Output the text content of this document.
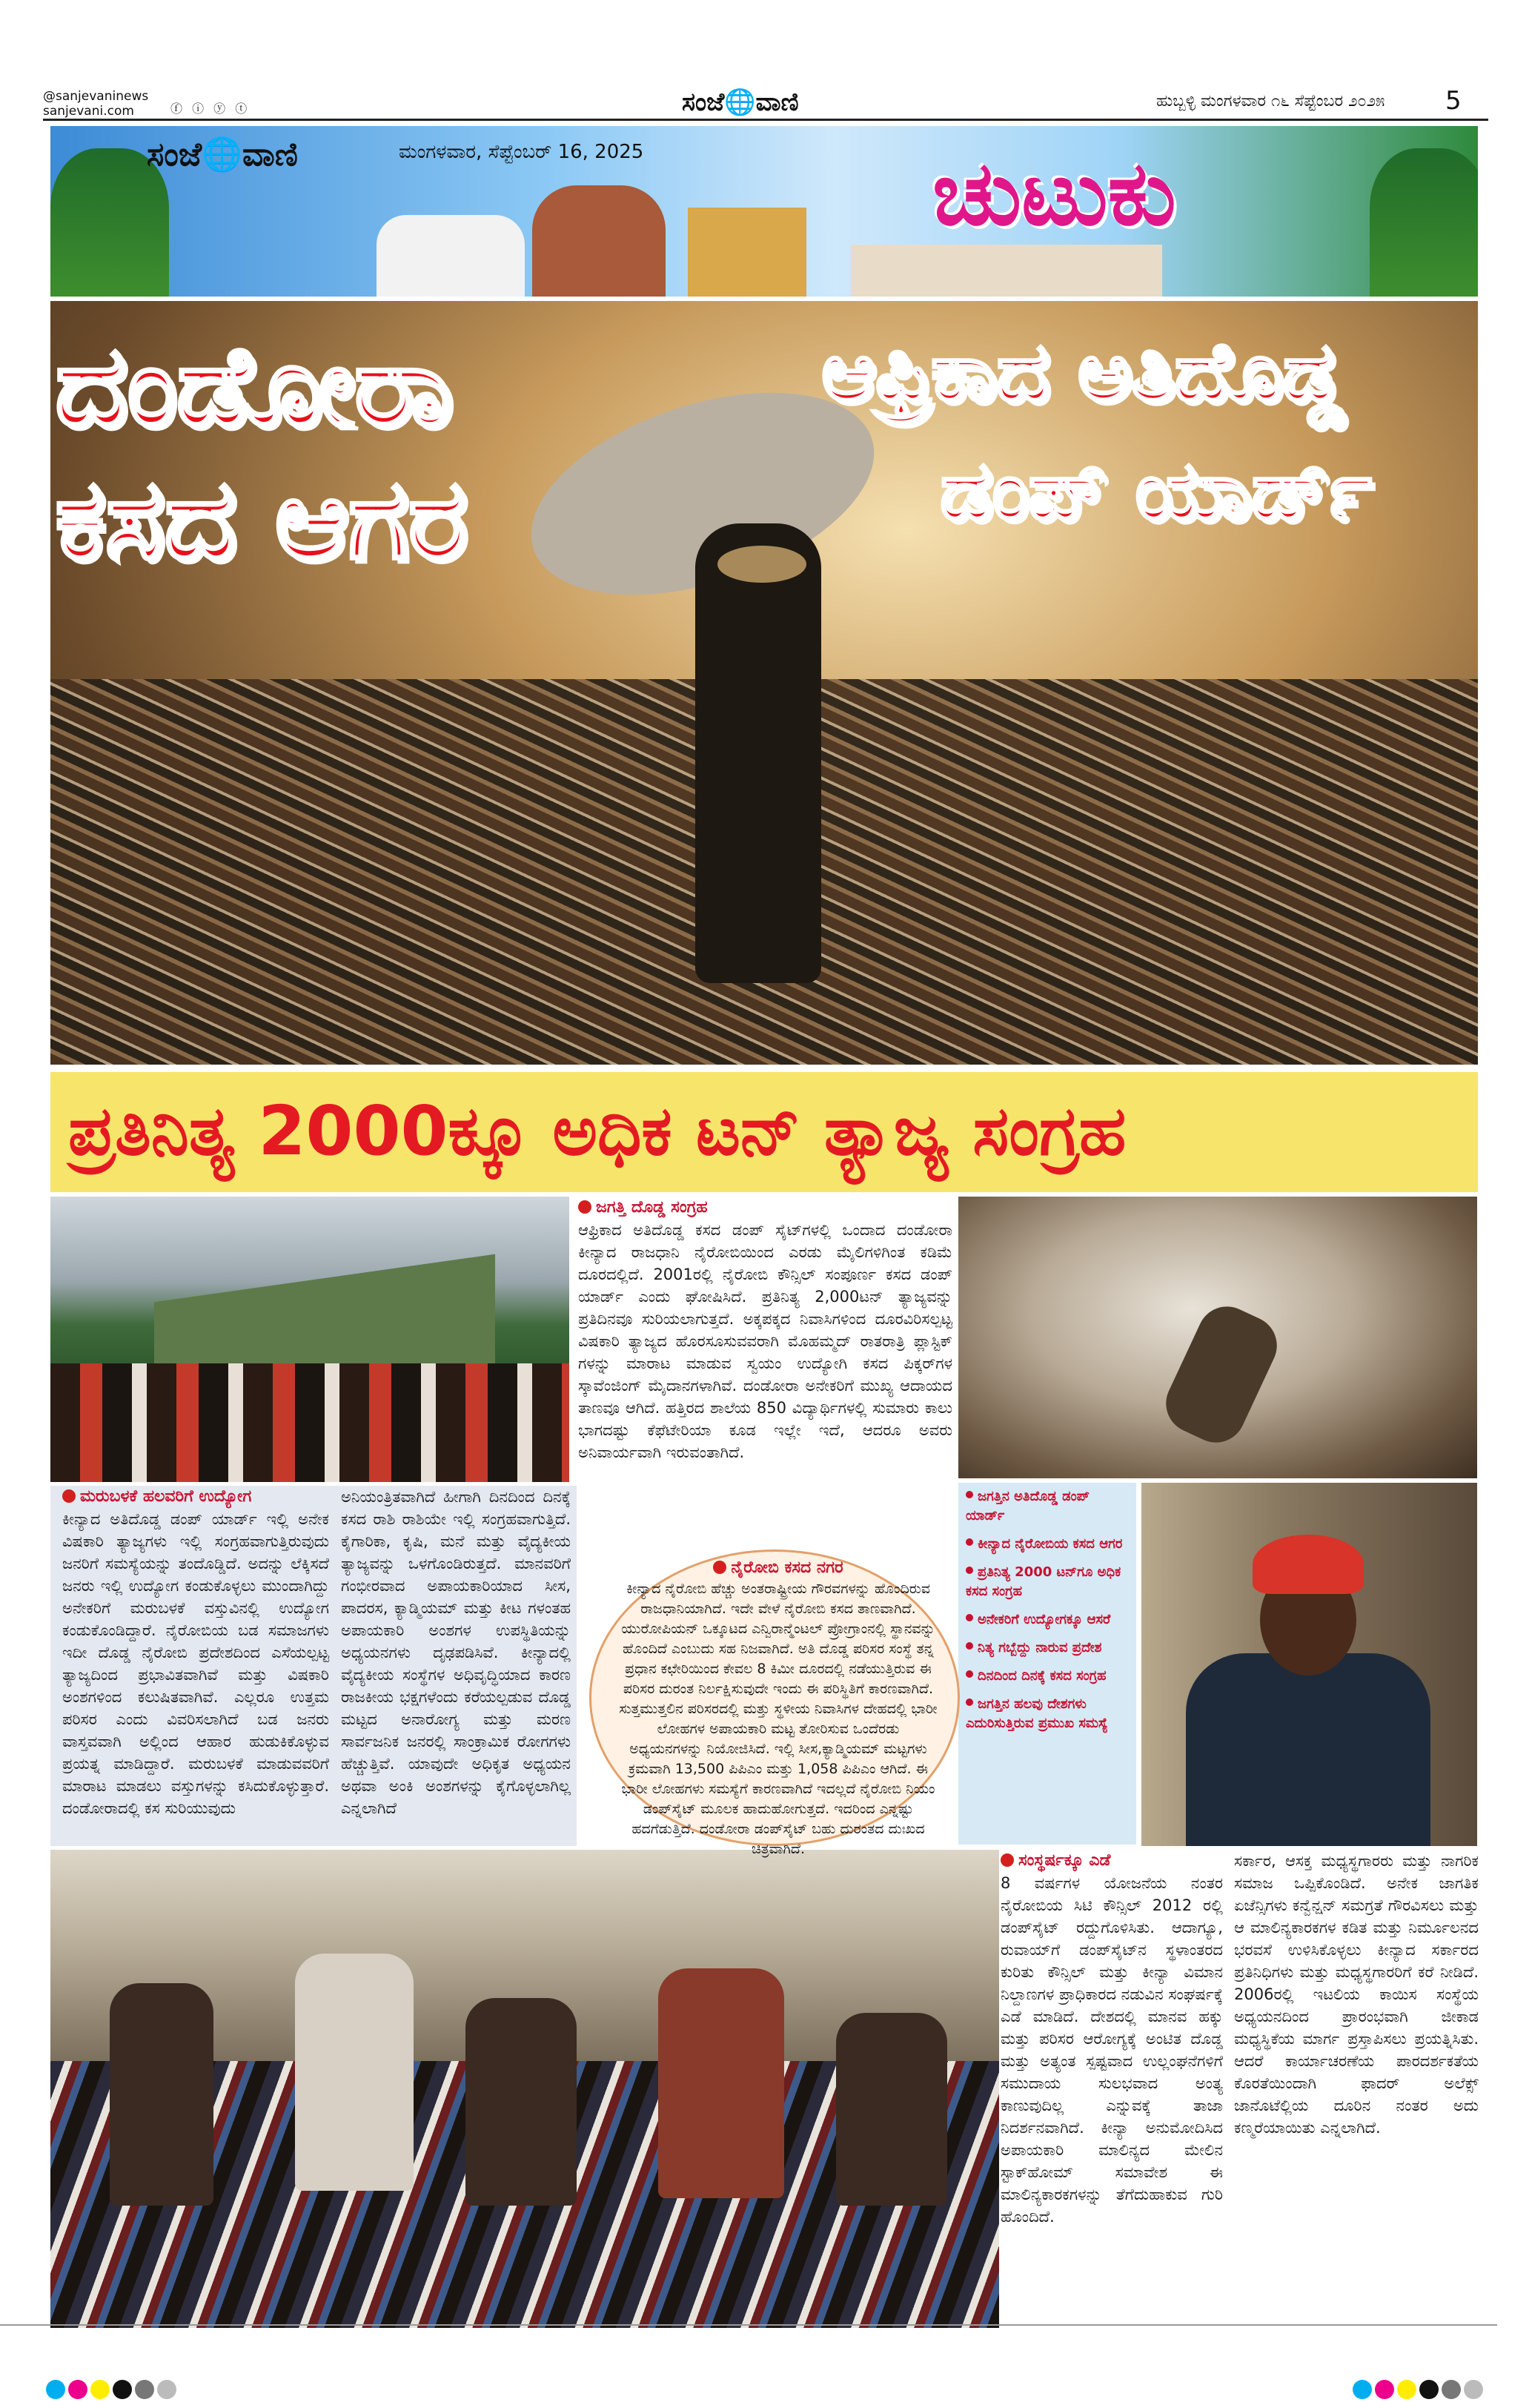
@sanjevaninews
sanjevani.com	ⓕ ⓘ ⓨ ⓣ	ಸಂಜೆ🌐ವಾಣಿ	ಹುಬ್ಬಳ್ಳಿ ಮಂಗಳವಾರ ೧೬ ಸೆಪ್ಟೆಂಬರ ೨೦೨೫ 5
ಸಂಜೆ🌐ವಾಣಿ	ಮಂಗಳವಾರ, ಸೆಪ್ಟೆಂಬರ್ 16, 2025	ಚುಟುಕು
ದಂಡೋರಾ
ಕಸದ ಆಗರ
ಆಫ್ರಿಕಾದ ಅತಿದೊಡ್ಡ
ಡಂಪ್ ಯಾರ್ಡ್
ಪ್ರತಿನಿತ್ಯ 2000ಕ್ಕೂ ಅಧಿಕ ಟನ್ ತ್ಯಾಜ್ಯ ಸಂಗ್ರಹ
ಮರುಬಳಕೆ ಹಲವರಿಗೆ ಉದ್ಯೋಗ

ಕೀನ್ಯಾದ ಅತಿದೊಡ್ಡ ಡಂಪ್ ಯಾರ್ಡ್ ಇಲ್ಲಿ ಅನೇಕ ವಿಷಕಾರಿ ತ್ಯಾಜ್ಯಗಳು ಇಲ್ಲಿ ಸಂಗ್ರಹವಾಗುತ್ತಿರುವುದು ಜನರಿಗೆ ಸಮಸ್ಯೆಯನ್ನು ತಂದೊಡ್ಡಿದೆ. ಅದನ್ನು ಲೆಕ್ಕಿಸದೆ ಜನರು ಇಲ್ಲಿ ಉದ್ಯೋಗ ಕಂಡುಕೊಳ್ಳಲು ಮುಂದಾಗಿದ್ದು ಅನೇಕರಿಗೆ ಮರುಬಳಕೆ ವಸ್ತುವಿನಲ್ಲಿ ಉದ್ಯೋಗ ಕಂಡುಕೊಂಡಿದ್ದಾರೆ. ನೈರೋಬಿಯ ಬಡ ಸಮಾಜಗಳು ಇದೀ ದೊಡ್ಡ ನೈರೋಬಿ ಪ್ರದೇಶದಿಂದ ಎಸೆಯಲ್ಪಟ್ಟ ತ್ಯಾಜ್ಯದಿಂದ ಪ್ರಭಾವಿತವಾಗಿವೆ ಮತ್ತು ವಿಷಕಾರಿ ಅಂಶಗಳಿಂದ ಕಲುಷಿತವಾಗಿವೆ. ಎಲ್ಲರೂ ಉತ್ತಮ ಪರಿಸರ ಎಂದು ವಿವರಿಸಲಾಗಿದೆ ಬಡ ಜನರು ವಾಸ್ತವವಾಗಿ ಅಲ್ಲಿಂದ ಆಹಾರ ಹುಡುಕಿಕೊಳ್ಳುವ ಪ್ರಯತ್ನ ಮಾಡಿದ್ದಾರೆ. ಮರುಬಳಕೆ ಮಾಡುವವರಿಗೆ ಮಾರಾಟ ಮಾಡಲು ವಸ್ತುಗಳನ್ನು ಕಸಿದುಕೊಳ್ಳುತ್ತಾರೆ. ದಂಡೋರಾದಲ್ಲಿ ಕಸ ಸುರಿಯುವುದು

ಅನಿಯಂತ್ರಿತವಾಗಿದೆ ಹೀಗಾಗಿ ದಿನದಿಂದ ದಿನಕ್ಕೆ ಕಸದ ರಾಶಿ ರಾಶಿಯೇ ಇಲ್ಲಿ ಸಂಗ್ರಹವಾಗುತ್ತಿದೆ. ಕೈಗಾರಿಕಾ, ಕೃಷಿ, ಮನೆ ಮತ್ತು ವೈದ್ಯಕೀಯ ತ್ಯಾಜ್ಯವನ್ನು ಒಳಗೊಂಡಿರುತ್ತದೆ. ಮಾನವರಿಗೆ ಗಂಭೀರವಾದ ಅಪಾಯಕಾರಿಯಾದ ಸೀಸ, ಪಾದರಸ, ಕ್ಯಾಡ್ಮಿಯಮ್ ಮತ್ತು ಕೀಟ ಗಳಂತಹ ಅಪಾಯಕಾರಿ ಅಂಶಗಳ ಉಪಸ್ಥಿತಿಯನ್ನು ಅಧ್ಯಯನಗಳು ದೃಢಪಡಿಸಿವೆ. ಕೀನ್ಯಾದಲ್ಲಿ ವೈದ್ಯಕೀಯ ಸಂಸ್ಥೆಗಳ ಅಧಿವೃದ್ಧಿಯಾದ ಕಾರಣ ರಾಜಕೀಯ ಭಕ್ಷಗಳೆಂದು ಕರೆಯಲ್ಪಡುವ ದೊಡ್ಡ ಮಟ್ಟದ ಅನಾರೋಗ್ಯ ಮತ್ತು ಮರಣ ಸಾರ್ವಜನಿಕ ಜನರಲ್ಲಿ ಸಾಂಕ್ರಾಮಿಕ ರೋಗಗಳು ಹೆಚ್ಚುತ್ತಿವೆ. ಯಾವುದೇ ಅಧಿಕೃತ ಅಧ್ಯಯನ ಅಥವಾ ಅಂಕಿ ಅಂಶಗಳನ್ನು ಕೈಗೊಳ್ಳಲಾಗಿಲ್ಲ ಎನ್ನಲಾಗಿದೆ

ಜಗತ್ತಿ ದೊಡ್ಡ ಸಂಗ್ರಹ

ಆಫ್ರಿಕಾದ ಅತಿದೊಡ್ಡ ಕಸದ ಡಂಪ್ ಸೈಟ್‌ಗಳಲ್ಲಿ ಒಂದಾದ ದಂಡೋರಾ ಕೀನ್ಯಾದ ರಾಜಧಾನಿ ನೈರೋಬಿಯಿಂದ ಎರಡು ಮೈಲಿಗಳಿಗಿಂತ ಕಡಿಮೆ ದೂರದಲ್ಲಿದೆ. 2001ರಲ್ಲಿ ನೈರೋಬಿ ಕೌನ್ಸಿಲ್ ಸಂಪೂರ್ಣ ಕಸದ ಡಂಪ್ ಯಾರ್ಡ್ ಎಂದು ಘೋಷಿಸಿದೆ. ಪ್ರತಿನಿತ್ಯ 2,000ಟನ್ ತ್ಯಾಜ್ಯವನ್ನು ಪ್ರತಿದಿನವೂ ಸುರಿಯಲಾಗುತ್ತದೆ. ಅಕ್ಕಪಕ್ಕದ ನಿವಾಸಿಗಳಿಂದ ದೂರವಿರಿಸಲ್ಪಟ್ಟ ವಿಷಕಾರಿ ತ್ಯಾಜ್ಯದ ಹೊರಸೂಸುವವರಾಗಿ ಮೊಹಮ್ಮದ್ ರಾತರಾತ್ರಿ ಪ್ಲಾಸ್ಟಿಕ್ ಗಳನ್ನು ಮಾರಾಟ ಮಾಡುವ ಸ್ವಯಂ ಉದ್ಯೋಗಿ ಕಸದ ಪಿಕ್ಕರ್‌ಗಳ ಸ್ಕಾವೆಂಜಿಂಗ್ ಮೈದಾನಗಳಾಗಿವೆ. ದಂಡೋರಾ ಅನೇಕರಿಗೆ ಮುಖ್ಯ ಆದಾಯದ ತಾಣವೂ ಆಗಿದೆ. ಹತ್ತಿರದ ಶಾಲೆಯ 850 ವಿದ್ಯಾರ್ಥಿಗಳಲ್ಲಿ ಸುಮಾರು ಕಾಲು ಭಾಗದಷ್ಟು ಕೆಫೆಟೇರಿಯಾ ಕೂಡ ಇಲ್ಲೇ ಇದೆ, ಆದರೂ ಅವರು ಅನಿವಾರ್ಯವಾಗಿ ಇರುವಂತಾಗಿದೆ.

ಜಗತ್ತಿನ ಅತಿದೊಡ್ಡ ಡಂಪ್ ಯಾರ್ಡ್
ಕೀನ್ಯಾದ ನೈರೋಬಿಯ ಕಸದ ಆಗರ
ಪ್ರತಿನಿತ್ಯ 2000 ಟನ್‌ಗೂ ಅಧಿಕ ಕಸದ ಸಂಗ್ರಹ
ಅನೇಕರಿಗೆ ಉದ್ಯೋಗಕ್ಕೂ ಆಸರೆ
ನಿತ್ಯ ಗಬ್ಬೆದ್ದು ನಾರುವ ಪ್ರದೇಶ
ದಿನದಿಂದ ದಿನಕ್ಕೆ ಕಸದ ಸಂಗ್ರಹ
ಜಗತ್ತಿನ ಹಲವು ದೇಶಗಳು ಎದುರಿಸುತ್ತಿರುವ ಪ್ರಮುಖ ಸಮಸ್ಯೆ
ನೈರೋಬಿ ಕಸದ ನಗರ

ಕೀನ್ಯಾದ ನೈರೋಬಿ ಹೆಚ್ಚು ಅಂತರಾಷ್ಟ್ರೀಯ ಗೌರವಗಳನ್ನು ಹೊಂದಿರುವ ರಾಜಧಾನಿಯಾಗಿದೆ. ಇದೇ ವೇಳೆ ನೈರೋಬಿ ಕಸದ ತಾಣವಾಗಿದೆ. ಯುರೋಪಿಯನ್ ಒಕ್ಕೂಟದ ಎನ್ವಿರಾನ್ಮೆಂಟಲ್ ಪ್ರೋಗ್ರಾಂನಲ್ಲಿ ಸ್ಥಾನವನ್ನು ಹೊಂದಿದೆ ಎಂಬುದು ಸಹ ನಿಜವಾಗಿದೆ. ಅತಿ ದೊಡ್ಡ ಪರಿಸರ ಸಂಸ್ಥೆ ತನ್ನ ಪ್ರಧಾನ ಕಛೇರಿಯಿಂದ ಕೇವಲ 8 ಕಿಮೀ ದೂರದಲ್ಲಿ ನಡೆಯುತ್ತಿರುವ ಈ ಪರಿಸರ ದುರಂತ ನಿರ್ಲಕ್ಷಿಸುವುದೇ ಇಂದು ಈ ಪರಿಸ್ಥಿತಿಗೆ ಕಾರಣವಾಗಿದೆ. ಸುತ್ತಮುತ್ತಲಿನ ಪರಿಸರದಲ್ಲಿ ಮತ್ತು ಸ್ಥಳೀಯ ನಿವಾಸಿಗಳ ದೇಹದಲ್ಲಿ ಭಾರೀ ಲೋಹಗಳ ಅಪಾಯಕಾರಿ ಮಟ್ಟ ತೋರಿಸುವ ಒಂದೆರಡು ಅಧ್ಯಯನಗಳನ್ನು ನಿಯೋಜಿಸಿದೆ. ಇಲ್ಲಿ ಸೀಸ,ಕ್ಯಾಡ್ಮಿಯಮ್ ಮಟ್ಟಗಳು ಕ್ರಮವಾಗಿ 13,500 ಪಿಪಿಎಂ ಮತ್ತು 1,058 ಪಿಪಿಎಂ ಆಗಿದೆ. ಈ ಭಾರೀ ಲೋಹಗಳು ಸಮಸ್ಯೆಗೆ ಕಾರಣವಾಗಿದೆ ಇದಲ್ಲದೆ ನೈರೋಬಿ ನಿಯಂ ಡಂಪ್‌ಸೈಟ್ ಮೂಲಕ ಹಾದುಹೋಗುತ್ತದೆ. ಇದರಿಂದ ಎನ್ನಷ್ಟು ಹದಗೆಡುತ್ತಿದೆ. ದಂಡೋರಾ ಡಂಪ್‌ಸೈಟ್ ಬಹು ದುರಂತದ ದುಃಖದ ಚಿತ್ರವಾಗಿದೆ.

ಸಂಸ್ಥರ್ಷಕ್ಕೂ ಎಡೆ

8 ವರ್ಷಗಳ ಯೋಜನೆಯ ನಂತರ ನೈರೋಬಿಯ ಸಿಟಿ ಕೌನ್ಸಿಲ್ 2012 ರಲ್ಲಿ ಡಂಪ್‌ಸೈಟ್ ರದ್ದುಗೊಳಿಸಿತು. ಆದಾಗ್ಯೂ, ರುವಾಯ್‌ಗೆ ಡಂಪ್‌ಸೈಟ್‌ನ ಸ್ಥಳಾಂತರದ ಕುರಿತು ಕೌನ್ಸಿಲ್ ಮತ್ತು ಕೀನ್ಯಾ ವಿಮಾನ ನಿಲ್ದಾಣಗಳ ಪ್ರಾಧಿಕಾರದ ನಡುವಿನ ಸಂಘರ್ಷಕ್ಕೆ ಎಡೆ ಮಾಡಿದೆ. ದೇಶದಲ್ಲಿ ಮಾನವ ಹಕ್ಕು ಮತ್ತು ಪರಿಸರ ಆರೋಗ್ಯಕ್ಕೆ ಅಂಟಿತ ದೊಡ್ಡ ಮತ್ತು ಅತ್ಯಂತ ಸ್ಪಷ್ಟವಾದ ಉಲ್ಲಂಘನೆಗಳಿಗೆ ಸಮುದಾಯ ಸುಲಭವಾದ ಅಂತ್ಯ ಕಾಣುವುದಿಲ್ಲ ಎನ್ನುವಕ್ಕೆ ತಾಜಾ ನಿದರ್ಶನವಾಗಿದೆ. ಕೀನ್ಯಾ ಅನುಮೋದಿಸಿದ ಅಪಾಯಕಾರಿ ಮಾಲಿನ್ಯದ ಮೇಲಿನ ಸ್ಟಾಕ್‌ಹೋಮ್ ಸಮಾವೇಶ ಈ ಮಾಲಿನ್ಯಕಾರಕಗಳನ್ನು ತೆಗೆದುಹಾಕುವ ಗುರಿ ಹೊಂದಿದೆ.

ಸರ್ಕಾರ, ಆಸಕ್ತ ಮಧ್ಯಸ್ಥಗಾರರು ಮತ್ತು ನಾಗರಿಕ ಸಮಾಜ ಒಪ್ಪಿಕೊಂಡಿದೆ. ಅನೇಕ ಜಾಗತಿಕ ಏಜೆನ್ಸಿಗಳು ಕನ್ವೆನ್ಷನ್ ಸಮಗ್ರತೆ ಗೌರವಿಸಲು ಮತ್ತು ಆ ಮಾಲಿನ್ಯಕಾರಕಗಳ ಕಡಿತ ಮತ್ತು ನಿರ್ಮೂಲನದ ಭರವಸೆ ಉಳಿಸಿಕೊಳ್ಳಲು ಕೀನ್ಯಾದ ಸರ್ಕಾರದ ಪ್ರತಿನಿಧಿಗಳು ಮತ್ತು ಮಧ್ಯಸ್ಥಗಾರರಿಗೆ ಕರೆ ನೀಡಿದೆ. 2006ರಲ್ಲಿ ಇಟಲಿಯ ಕಾಯಿಸ ಸಂಸ್ಥೆಯ ಅಧ್ಯಯನದಿಂದ ಪ್ರಾರಂಭವಾಗಿ ಜೀಕಾಡ ಮಧ್ಯಸ್ಥಿಕೆಯ ಮಾರ್ಗ ಪ್ರಸ್ತಾಪಿಸಲು ಪ್ರಯತ್ನಿಸಿತು. ಆದರೆ ಕಾರ್ಯಾಚರಣೆಯ ಪಾರದರ್ಶಕತೆಯ ಕೊರತೆಯಿಂದಾಗಿ ಫಾದರ್ ಅಲೆಕ್ಸ್ ಜಾನೊಟೆಲ್ಲಿಯ ದೂರಿನ ನಂತರ ಅದು ಕಣ್ಮರೆಯಾಯಿತು ಎನ್ನಲಾಗಿದೆ.
